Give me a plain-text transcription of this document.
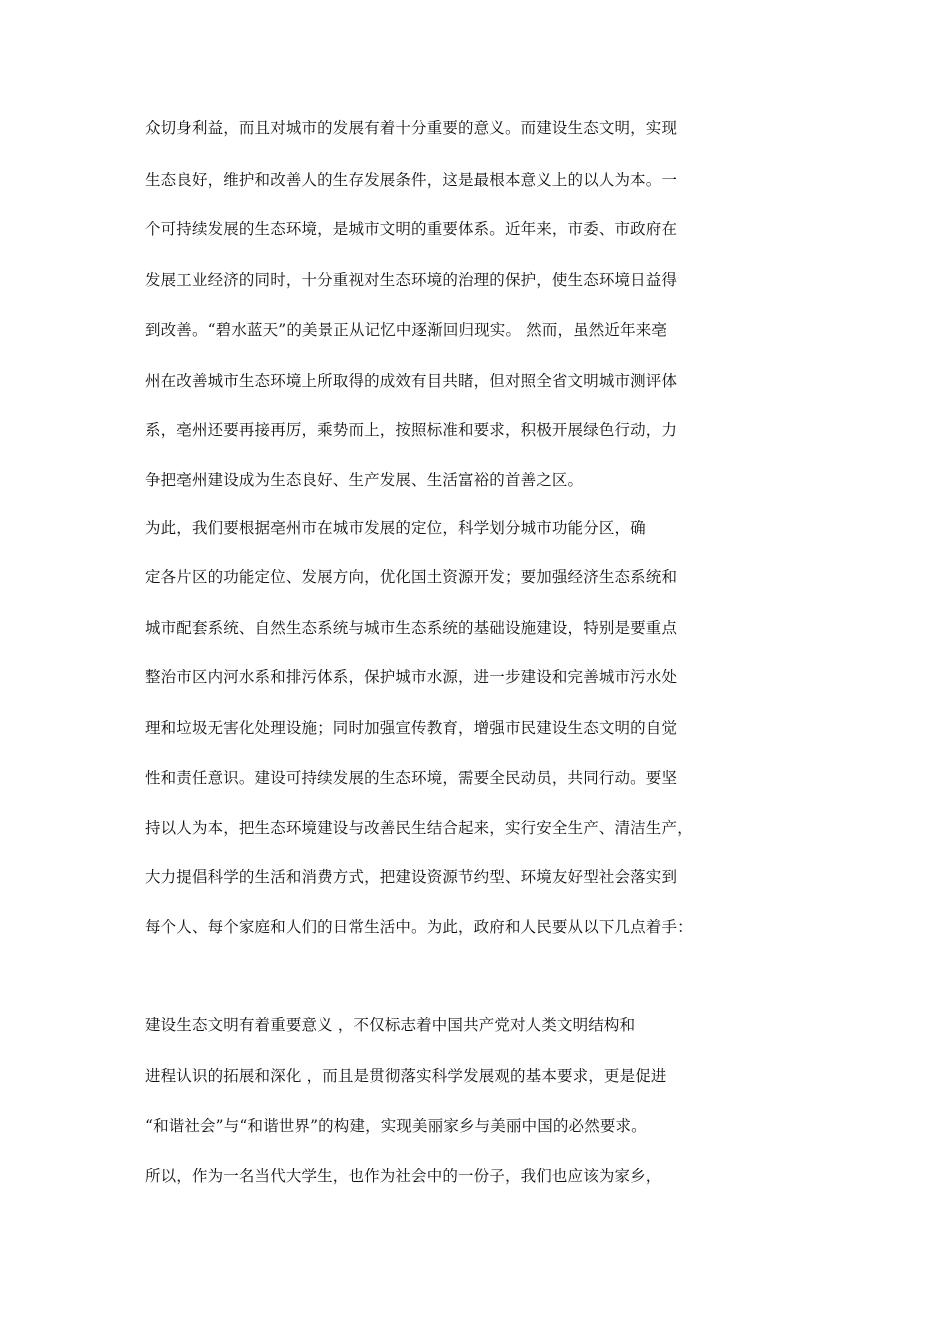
众切身利益，而且对城市的发展有着十分重要的意义。而建设生态文明，实现
生态良好，维护和改善人的生存发展条件，这是最根本意义上的以人为本。一
个可持续发展的生态环境，是城市文明的重要体系。近年来，市委、市政府在
发展工业经济的同时，十分重视对生态环境的治理的保护，使生态环境日益得
到改善。“碧水蓝天”的美景正从记忆中逐渐回归现实。 然而，虽然近年来亳
州在改善城市生态环境上所取得的成效有目共睹，但对照全省文明城市测评体
系，亳州还要再接再厉，乘势而上，按照标准和要求，积极开展绿色行动，力
争把亳州建设成为生态良好、生产发展、生活富裕的首善之区。
为此，我们要根据亳州市在城市发展的定位，科学划分城市功能分区，确
定各片区的功能定位、发展方向，优化国土资源开发；要加强经济生态系统和
城市配套系统、自然生态系统与城市生态系统的基础设施建设，特别是要重点
整治市区内河水系和排污体系，保护城市水源，进一步建设和完善城市污水处
理和垃圾无害化处理设施；同时加强宣传教育，增强市民建设生态文明的自觉
性和责任意识。建设可持续发展的生态环境，需要全民动员，共同行动。要坚
持以人为本，把生态环境建设与改善民生结合起来，实行安全生产、清洁生产，
大力提倡科学的生活和消费方式，把建设资源节约型、环境友好型社会落实到
每个人、每个家庭和人们的日常生活中。为此，政府和人民要从以下几点着手：
建设生态文明有着重要意义 ，不仅标志着中国共产党对人类文明结构和
进程认识的拓展和深化 ，而且是贯彻落实科学发展观的基本要求，更是促进
“和谐社会”与“和谐世界”的构建，实现美丽家乡与美丽中国的必然要求。
所以，作为一名当代大学生，也作为社会中的一份子，我们也应该为家乡，
